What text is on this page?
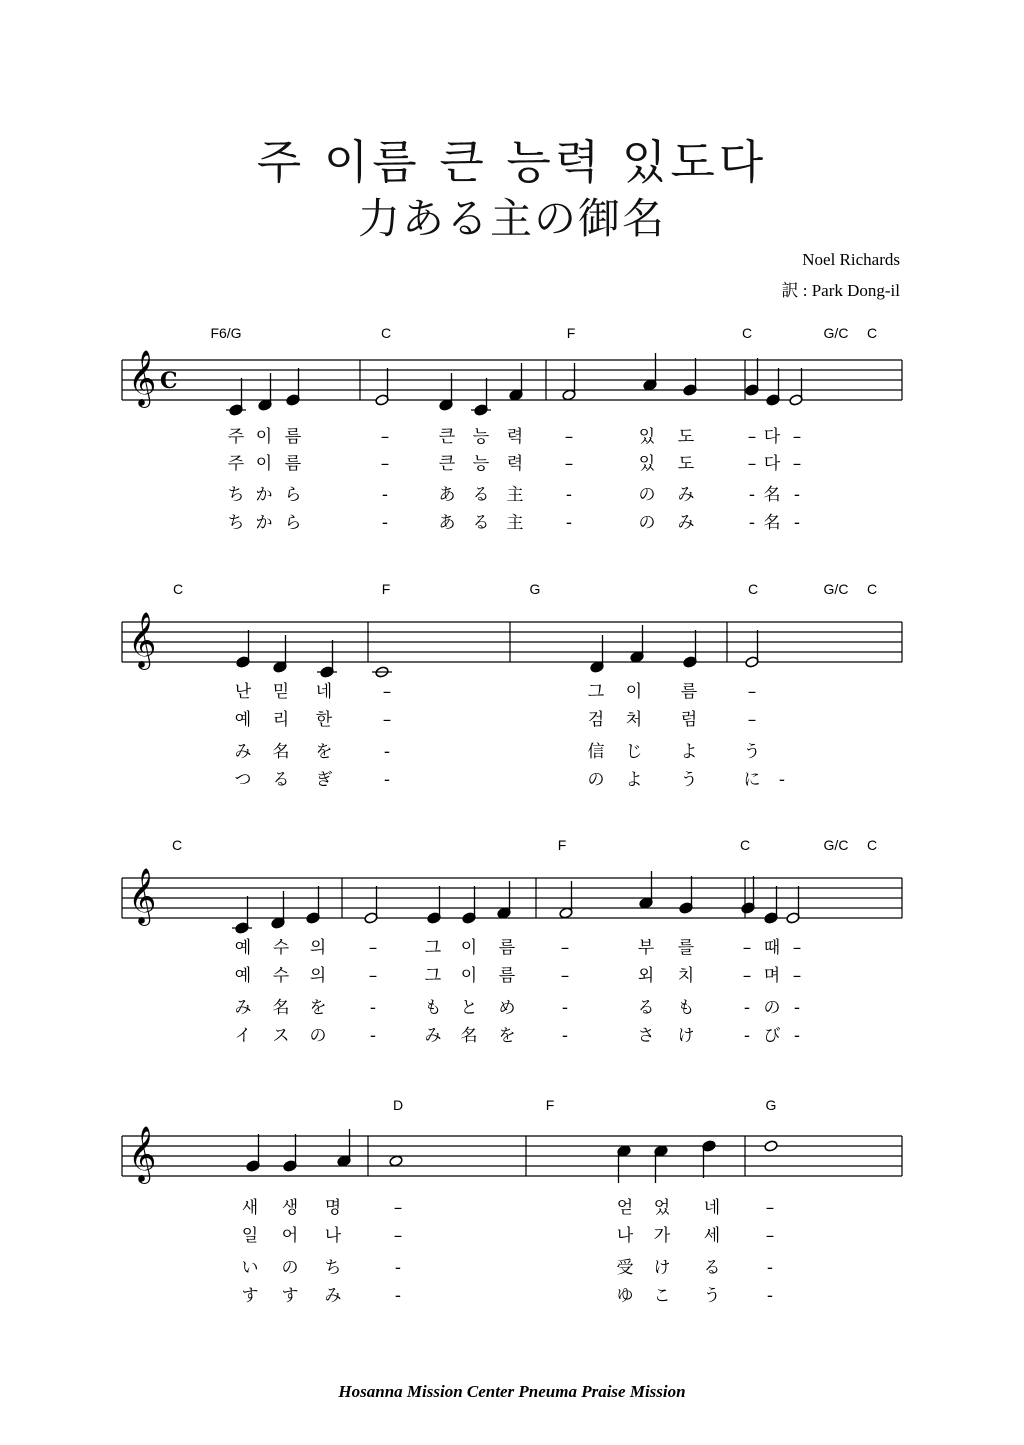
주 이름 큰 능력 있도다
力ある主の御名
Noel Richards
訳 : Park Dong-il
𝄞 C
F6/G	C	F	C	G/C C
주 이 름	–	큰 능 력 –	있 도	– 다 –
주 이 름	–	큰 능 력 –	있 도	– 다 –
ち か ら	-	あ る 主 -	の み	- 名 -
ち か ら	-	あ る 主 -	の み	- 名 -
𝄞
C	F	G	C	G/C C
난 믿 네	–	그 이 름	–
예 리 한	–	검 처 럼	–
み 名 を	-	信 じ よ	う
つ る ぎ	-	の よ う	に -
𝄞
C	F	C	G/C C
예 수 의	–	그 이 름	–	부 를	– 때 –
예 수 의	–	그 이 름	–	외 치	– 며 –
み 名 を	-	も と め	-	る も	- の -
イ ス の	-	み 名 を	-	さ け	- び -
𝄞
D	F	G
새 생 명	–	얻 었 네	–
일 어 나	–	나 가 세	–
い の ち	-	受 け る	-
す す み	-	ゆ こ う	-
Hosanna Mission Center Pneuma Praise Mission
